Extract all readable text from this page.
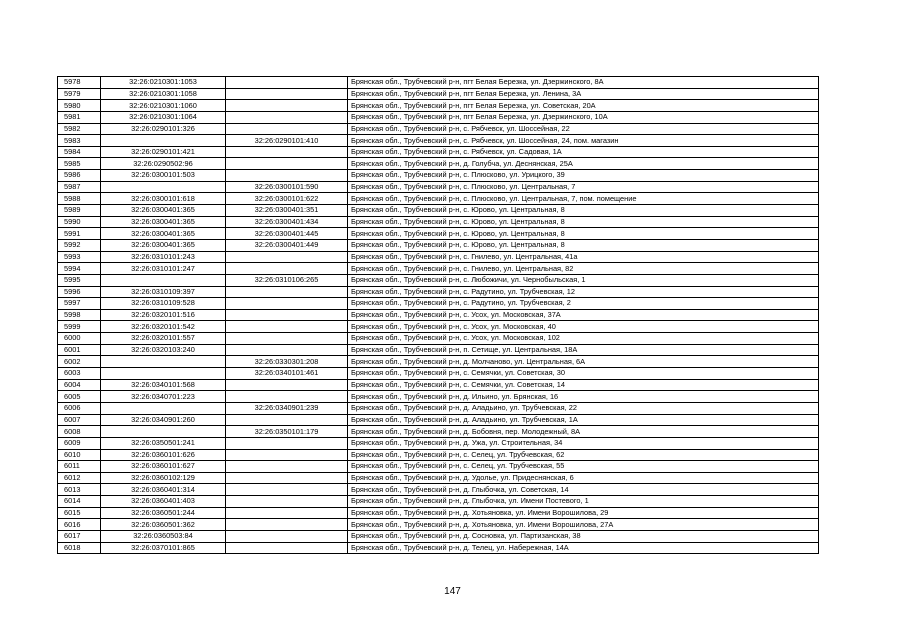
5978	32:26:0210301:1053		Брянская обл., Трубчевский р-н, пгт Белая Березка, ул. Дзержинского, 8А
5979	32:26:0210301:1058		Брянская обл., Трубчевский р-н, пгт Белая Березка, ул. Ленина, 3А
5980	32:26:0210301:1060		Брянская обл., Трубчевский р-н, пгт Белая Березка, ул. Советская, 20А
5981	32:26:0210301:1064		Брянская обл., Трубчевский р-н, пгт Белая Березка, ул. Дзержинского, 10А
5982	32:26:0290101:326		Брянская обл., Трубчевский р-н, с. Рябчевск, ул. Шоссейная, 22
5983		32:26:0290101:410	Брянская обл., Трубчевский р-н, с. Рябчевск, ул. Шоссейная, 24, пом. магазин
5984	32:26:0290101:421		Брянская обл., Трубчевский р-н, с. Рябчевск, ул. Садовая, 1А
5985	32:26:0290502:96		Брянская обл., Трубчевский р-н, д. Голубча, ул. Деснянская, 25А
5986	32:26:0300101:503		Брянская обл., Трубчевский р-н, с. Плюсково, ул. Урицкого, 39
5987		32:26:0300101:590	Брянская обл., Трубчевский р-н, с. Плюсково, ул. Центральная, 7
5988	32:26:0300101:618	32:26:0300101:622	Брянская обл., Трубчевский р-н, с. Плюсково, ул. Центральная, 7, пом. помещение
5989	32:26:0300401:365	32:26:0300401:351	Брянская обл., Трубчевский р-н, с. Юрово, ул. Центральная, 8
5990	32:26:0300401:365	32:26:0300401:434	Брянская обл., Трубчевский р-н, с. Юрово, ул. Центральная, 8
5991	32:26:0300401:365	32:26:0300401:445	Брянская обл., Трубчевский р-н, с. Юрово, ул. Центральная, 8
5992	32:26:0300401:365	32:26:0300401:449	Брянская обл., Трубчевский р-н, с. Юрово, ул. Центральная, 8
5993	32:26:0310101:243		Брянская обл., Трубчевский р-н, с. Гнилево, ул. Центральная, 41а
5994	32:26:0310101:247		Брянская обл., Трубчевский р-н, с. Гнилево, ул. Центральная, 82
5995		32:26:0310106:265	Брянская обл., Трубчевский р-н, с. Любожичи, ул. Чернобыльская, 1
5996	32:26:0310109:397		Брянская обл., Трубчевский р-н, с. Радутино, ул. Трубчевская, 12
5997	32:26:0310109:528		Брянская обл., Трубчевский р-н, с. Радутино, ул. Трубчевская, 2
5998	32:26:0320101:516		Брянская обл., Трубчевский р-н, с. Усох, ул. Московская, 37А
5999	32:26:0320101:542		Брянская обл., Трубчевский р-н, с. Усох, ул. Московская, 40
6000	32:26:0320101:557		Брянская обл., Трубчевский р-н, с. Усох, ул. Московская, 102
6001	32:26:0320103:240		Брянская обл., Трубчевский р-н, п. Сетище, ул. Центральная, 18А
6002		32:26:0330301:208	Брянская обл., Трубчевский р-н, д. Молчаново, ул. Центральная, 6А
6003		32:26:0340101:461	Брянская обл., Трубчевский р-н, с. Семячки, ул. Советская, 30
6004	32:26:0340101:568		Брянская обл., Трубчевский р-н, с. Семячки, ул. Советская, 14
6005	32:26:0340701:223		Брянская обл., Трубчевский р-н, д. Ильино, ул. Брянская, 16
6006		32:26:0340901:239	Брянская обл., Трубчевский р-н, д. Аладьино, ул. Трубчевская, 22
6007	32:26:0340901:260		Брянская обл., Трубчевский р-н, д. Аладьино, ул. Трубчевская, 1А
6008		32:26:0350101:179	Брянская обл., Трубчевский р-н, д. Бобовня, пер. Молодежный, 8А
6009	32:26:0350501:241		Брянская обл., Трубчевский р-н, д. Ужа, ул. Строительная, 34
6010	32:26:0360101:626		Брянская обл., Трубчевский р-н, с. Селец, ул. Трубчевская, 62
6011	32:26:0360101:627		Брянская обл., Трубчевский р-н, с. Селец, ул. Трубчевская, 55
6012	32:26:0360102:129		Брянская обл., Трубчевский р-н, д. Удолье, ул. Придеснянская, 6
6013	32:26:0360401:314		Брянская обл., Трубчевский р-н, д. Глыбочка, ул. Советская, 14
6014	32:26:0360401:403		Брянская обл., Трубчевский р-н, д. Глыбочка, ул. Имени Постевого, 1
6015	32:26:0360501:244		Брянская обл., Трубчевский р-н, д. Хотьяновка, ул. Имени Ворошилова, 29
6016	32:26:0360501:362		Брянская обл., Трубчевский р-н, д. Хотьяновка, ул. Имени Ворошилова, 27А
6017	32:26:0360503:84		Брянская обл., Трубчевский р-н, д. Сосновка, ул. Партизанская, 38
6018	32:26:0370101:865		Брянская обл., Трубчевский р-н, д. Телец, ул. Набережная, 14А
147
